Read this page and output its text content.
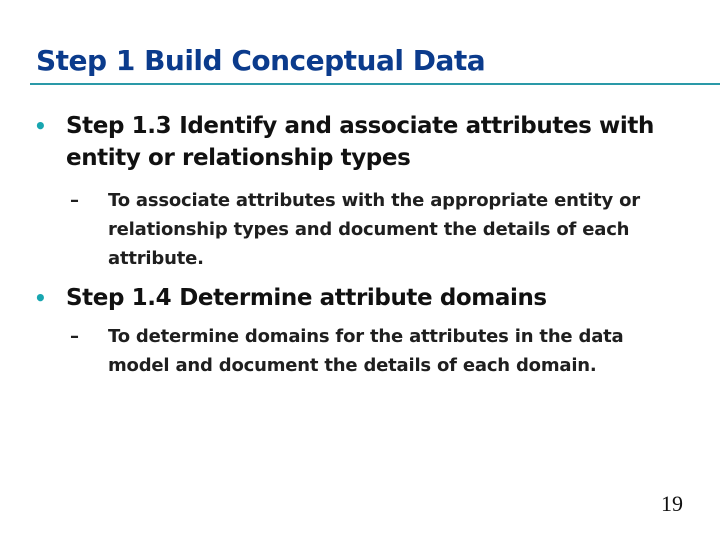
Step 1 Build Conceptual Data

• Step 1.3 Identify and associate attributes with entity or relationship types

– To associate attributes with the appropriate entity or relationship types and document the details of each attribute.

• Step 1.4 Determine attribute domains

– To determine domains for the attributes in the data model and document the details of each domain.

19
